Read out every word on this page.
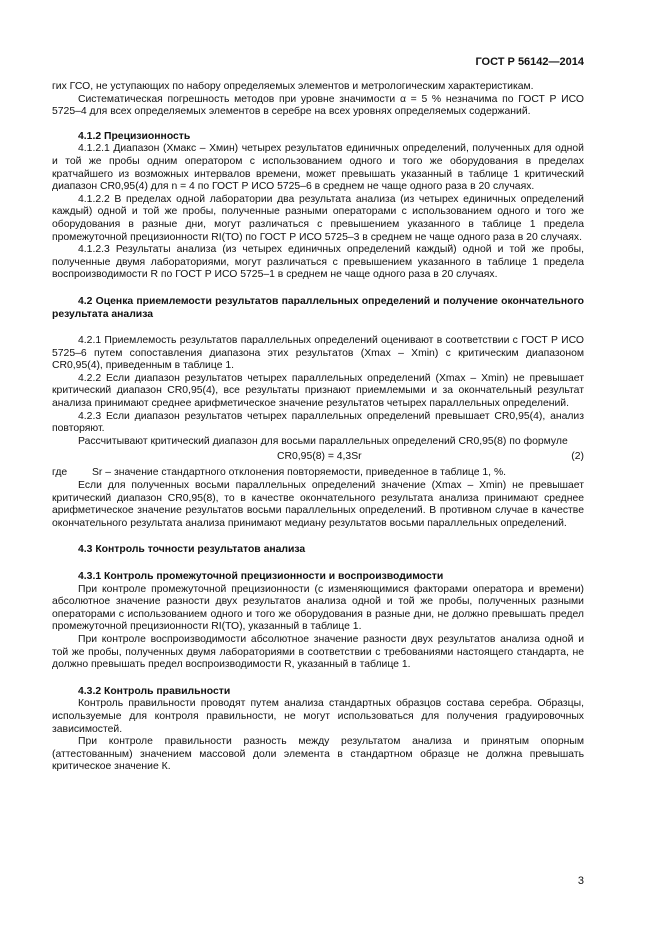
ГОСТ Р 56142—2014

гих ГСО, не уступающих по набору определяемых элементов и метрологическим характеристикам.

Систематическая погрешность методов при уровне значимости α = 5 % незначима по ГОСТ Р ИСО 5725–4 для всех определяемых элементов в серебре на всех уровнях определяемых содержаний.

4.1.2 Прецизионность

4.1.2.1 Диапазон (Хмакс – Хмин) четырех результатов единичных определений, полученных для одной и той же пробы одним оператором с использованием одного и того же оборудования в пределах кратчайшего из возможных интервалов времени, может превышать указанный в таблице 1 критический диапазон CR0,95(4) для n = 4 по ГОСТ Р ИСО 5725–6 в среднем не чаще одного раза в 20 случаях.

4.1.2.2 В пределах одной лаборатории два результата анализа (из четырех единичных определений каждый) одной и той же пробы, полученные разными операторами с использованием одного и того же оборудования в разные дни, могут различаться с превышением указанного в таблице 1 предела промежуточной прецизионности RI(ТО) по ГОСТ Р ИСО 5725–3 в среднем не чаще одного раза в 20 случаях.

4.1.2.3 Результаты анализа (из четырех единичных определений каждый) одной и той же пробы, полученные двумя лабораториями, могут различаться с превышением указанного в таблице 1 предела воспроизводимости R по ГОСТ Р ИСО 5725–1 в среднем не чаще одного раза в 20 случаях.

4.2 Оценка приемлемости результатов параллельных определений и получение окончательного результата анализа

4.2.1 Приемлемость результатов параллельных определений оценивают в соответствии с ГОСТ Р ИСО 5725–6 путем сопоставления диапазона этих результатов (Xmax – Xmin) с критическим диапазоном CR0,95(4), приведенным в таблице 1.

4.2.2 Если диапазон результатов четырех параллельных определений (Xmax – Xmin) не превышает критический диапазон CR0,95(4), все результаты признают приемлемыми и за окончательный результат анализа принимают среднее арифметическое значение результатов четырех параллельных определений.

4.2.3 Если диапазон результатов четырех параллельных определений превышает CR0,95(4), анализ повторяют.

Рассчитывают критический диапазон для восьми параллельных определений CR0,95(8) по формуле

CR0,95(8) = 4,3Sr	(2)
где Sr – значение стандартного отклонения повторяемости, приведенное в таблице 1, %.

Если для полученных восьми параллельных определений значение (Xmax – Xmin) не превышает критический диапазон CR0,95(8), то в качестве окончательного результата анализа принимают среднее арифметическое значение результатов восьми параллельных определений. В противном случае в качестве окончательного результата анализа принимают медиану результатов восьми параллельных определений.

4.3 Контроль точности результатов анализа

4.3.1 Контроль промежуточной прецизионности и воспроизводимости

При контроле промежуточной прецизионности (с изменяющимися факторами оператора и времени) абсолютное значение разности двух результатов анализа одной и той же пробы, полученных разными операторами с использованием одного и того же оборудования в разные дни, не должно превышать предел промежуточной прецизионности RI(ТО), указанный в таблице 1.

При контроле воспроизводимости абсолютное значение разности двух результатов анализа одной и той же пробы, полученных двумя лабораториями в соответствии с требованиями настоящего стандарта, не должно превышать предел воспроизводимости R, указанный в таблице 1.

4.3.2 Контроль правильности

Контроль правильности проводят путем анализа стандартных образцов состава серебра. Образцы, используемые для контроля правильности, не могут использоваться для получения градуировочных зависимостей.

При контроле правильности разность между результатом анализа и принятым опорным (аттестованным) значением массовой доли элемента в стандартном образце не должна превышать критическое значение К.

3
